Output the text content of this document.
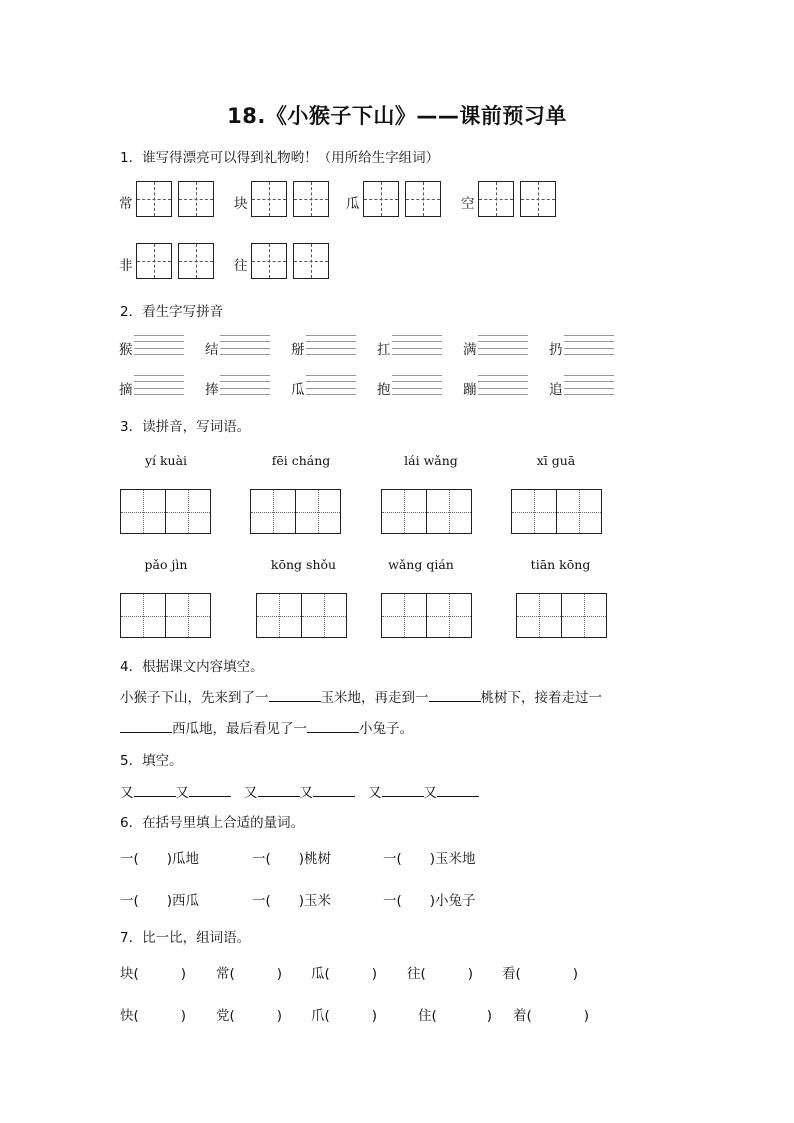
18.《小猴子下山》——课前预习单
1．谁写得漂亮可以得到礼物哟！（用所给生字组词）
常	块	瓜	空
非	往
2．看生字写拼音
猴	结	掰	扛	满	扔
摘	捧	瓜	抱	蹦	追
3．读拼音，写词语。
yí kuài	fēi cháng	lái wǎng	xī guā
pǎo jìn	kōng shǒu	wǎng qián	tiān kōng
4．根据课文内容填空。
小猴子下山，先来到了一	玉米地，再走到一	桃树下，接着走过一
西瓜地，最后看见了一	小兔子。
5．填空。
又	又	又	又	又	又
6．在括号里填上合适的量词。
一( )瓜地	一( )桃树	一( )玉米地
一( )西瓜	一( )玉米	一( )小兔子
7．比一比，组词语。
块(	) 常(	) 瓜(	) 往(	) 看(	)
快(	) 党(	) 爪(	)	住(	) 着(	)
